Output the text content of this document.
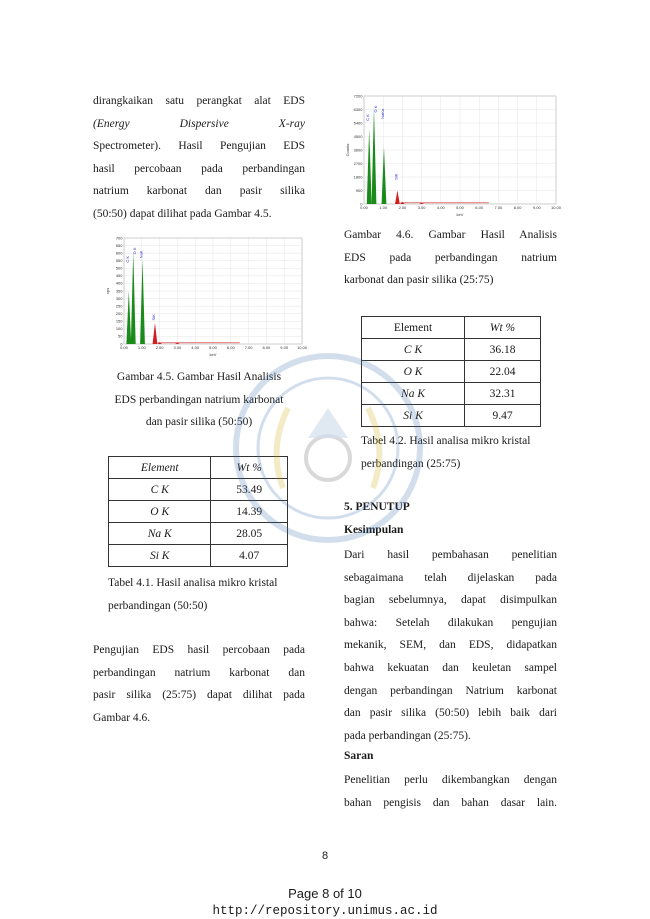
dirangkaikan satu perangkat alat EDS
(Energy Dispersive X-ray
Spectrometer). Hasil Pengujian EDS
hasil percobaan pada perbandingan
natrium karbonat dan pasir silika
(50:50) dapat dilihat pada Gambar 4.5.
0.00	1.00	2.00	3.00	4.00	5.00	6.00	7.00	8.00	9.00 10.00
0
50
100
150
200
250
300
350
400
450
500
550
600
650
700
keV
cps
C K
O K NaK
SiK
Gambar 4.5. Gambar Hasil Analisis
EDS perbandingan natrium karbonat
dan pasir silika (50:50)
Element	Wt %
C K	53.49
O K	14.39
Na K	28.05
Si K	4.07
Tabel 4.1. Hasil analisa mikro kristal
perbandingan (50:50)
Pengujian EDS hasil percobaan pada
perbandingan natrium karbonat dan
pasir silika (25:75) dapat dilihat pada
Gambar 4.6.
0.00	1.00	2.00	3.00	4.00	5.00	6.00	7.00	8.00	9.00	10.00
0
900
1800
2700
3600
4500
5400
6300
7200
keV
Counts
C K
O K NaKa
SiK
Gambar 4.6. Gambar Hasil Analisis
EDS pada perbandingan natrium
karbonat dan pasir silika (25:75)
Element	Wt %
C K	36.18
O K	22.04
Na K	32.31
Si K	9.47
Tabel 4.2. Hasil analisa mikro kristal
perbandingan (25:75)
5. PENUTUP
Kesimpulan
Dari hasil pembahasan penelitian
sebagaimana telah dijelaskan pada
bagian sebelumnya, dapat disimpulkan
bahwa: Setelah dilakukan pengujian
mekanik, SEM, dan EDS, didapatkan
bahwa kekuatan dan keuletan sampel
dengan perbandingan Natrium karbonat
dan pasir silika (50:50) lebih baik dari
pada perbandingan (25:75).
Saran
Penelitian perlu dikembangkan dengan
bahan pengisis dan bahan dasar lain.
8
Page 8 of 10
http://repository.unimus.ac.id
